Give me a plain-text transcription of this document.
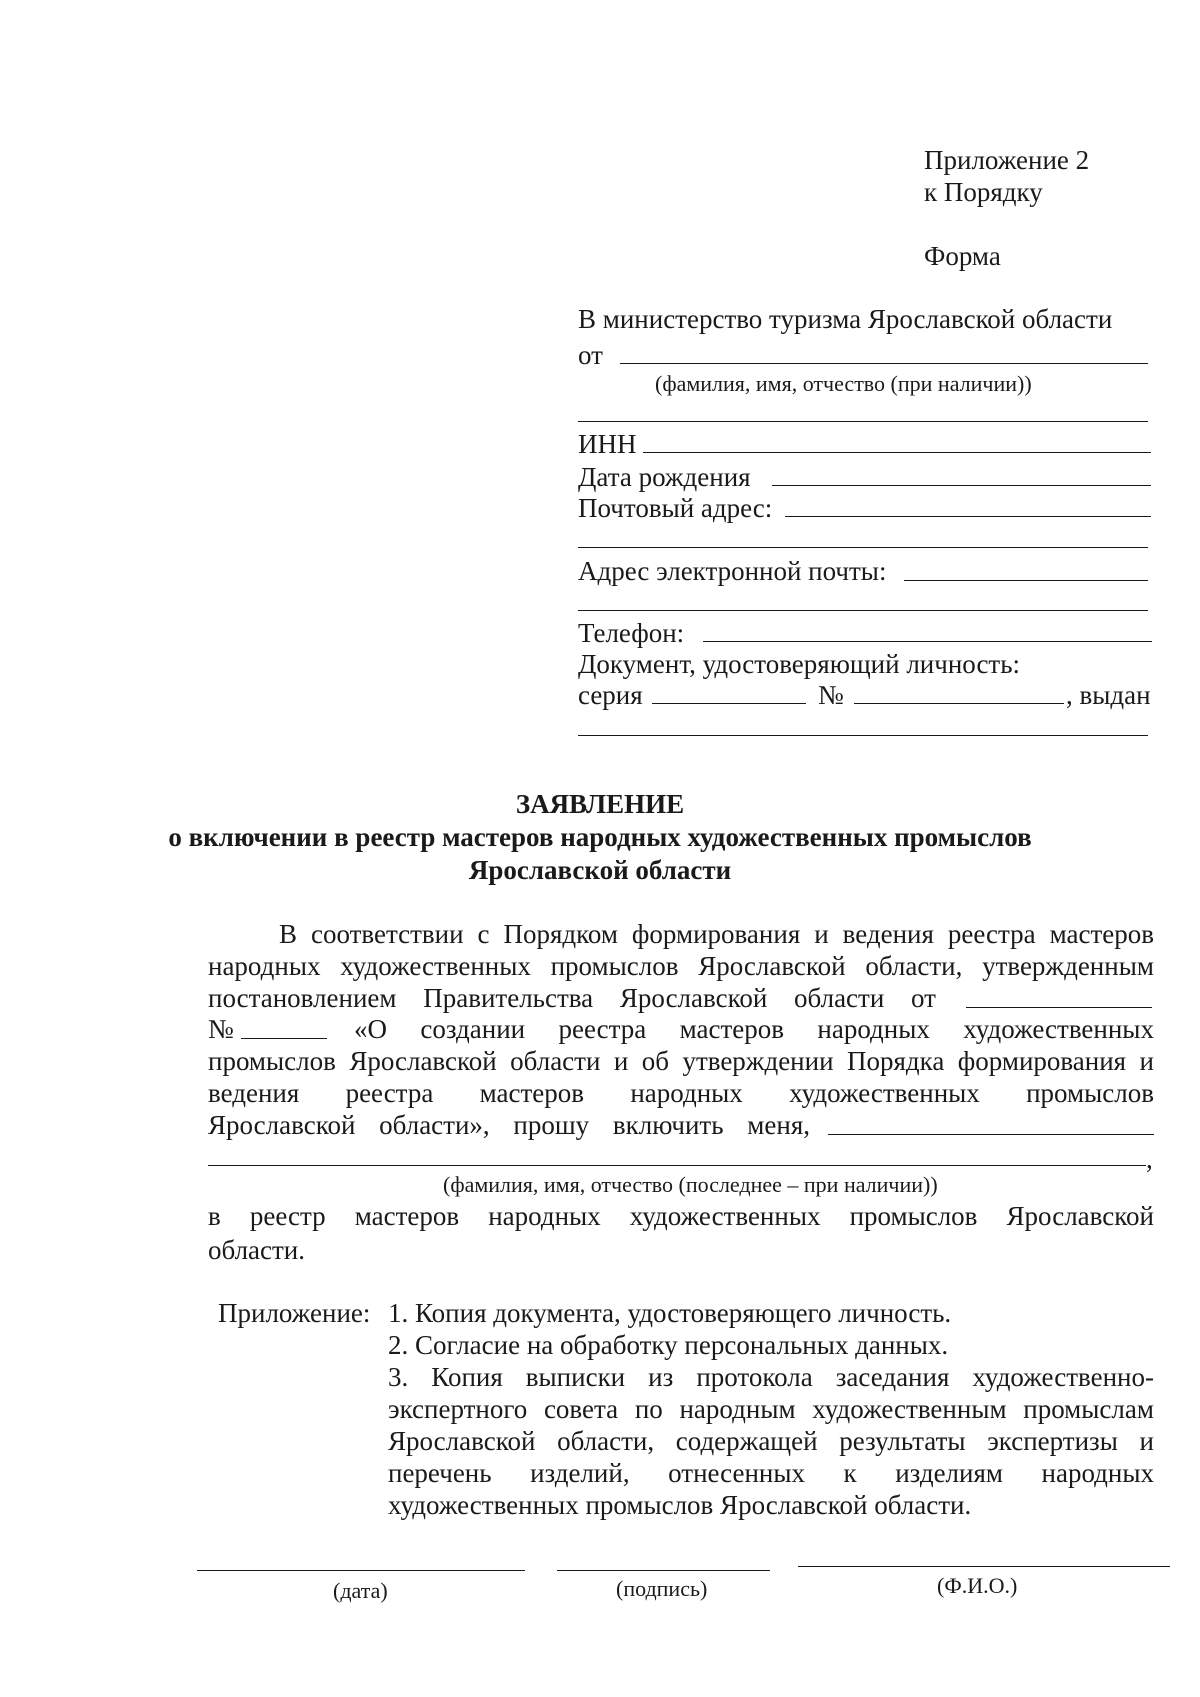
Приложение 2
к Порядку
Форма
В министерство туризма Ярославской области
от
(фамилия, имя, отчество (при наличии))
ИНН
Дата рождения
Почтовый адрес:
Адрес электронной почты:
Телефон:
Документ, удостоверяющий личность:
серия	№	, выдан
ЗАЯВЛЕНИЕ
о включении в реестр мастеров народных художественных промыслов
Ярославской области
В соответствии с Порядком формирования и ведения реестра мастеров
народных художественных промыслов Ярославской области, утвержденным
постановлением Правительства Ярославской области от
№	«О создании реестра мастеров народных художественных
промыслов Ярославской области и об утверждении Порядка формирования и
ведения реестра мастеров народных художественных промыслов
Ярославской области», прошу включить меня,
,
(фамилия, имя, отчество (последнее – при наличии))
в реестр мастеров народных художественных промыслов Ярославской
области.
Приложение: 1. Копия документа, удостоверяющего личность.
2. Согласие на обработку персональных данных.
3. Копия выписки из протокола заседания художественно-
экспертного совета по народным художественным промыслам
Ярославской области, содержащей результаты экспертизы и
перечень изделий, отнесенных к изделиям народных
художественных промыслов Ярославской области.
(дата)	(подпись)	(Ф.И.О.)
